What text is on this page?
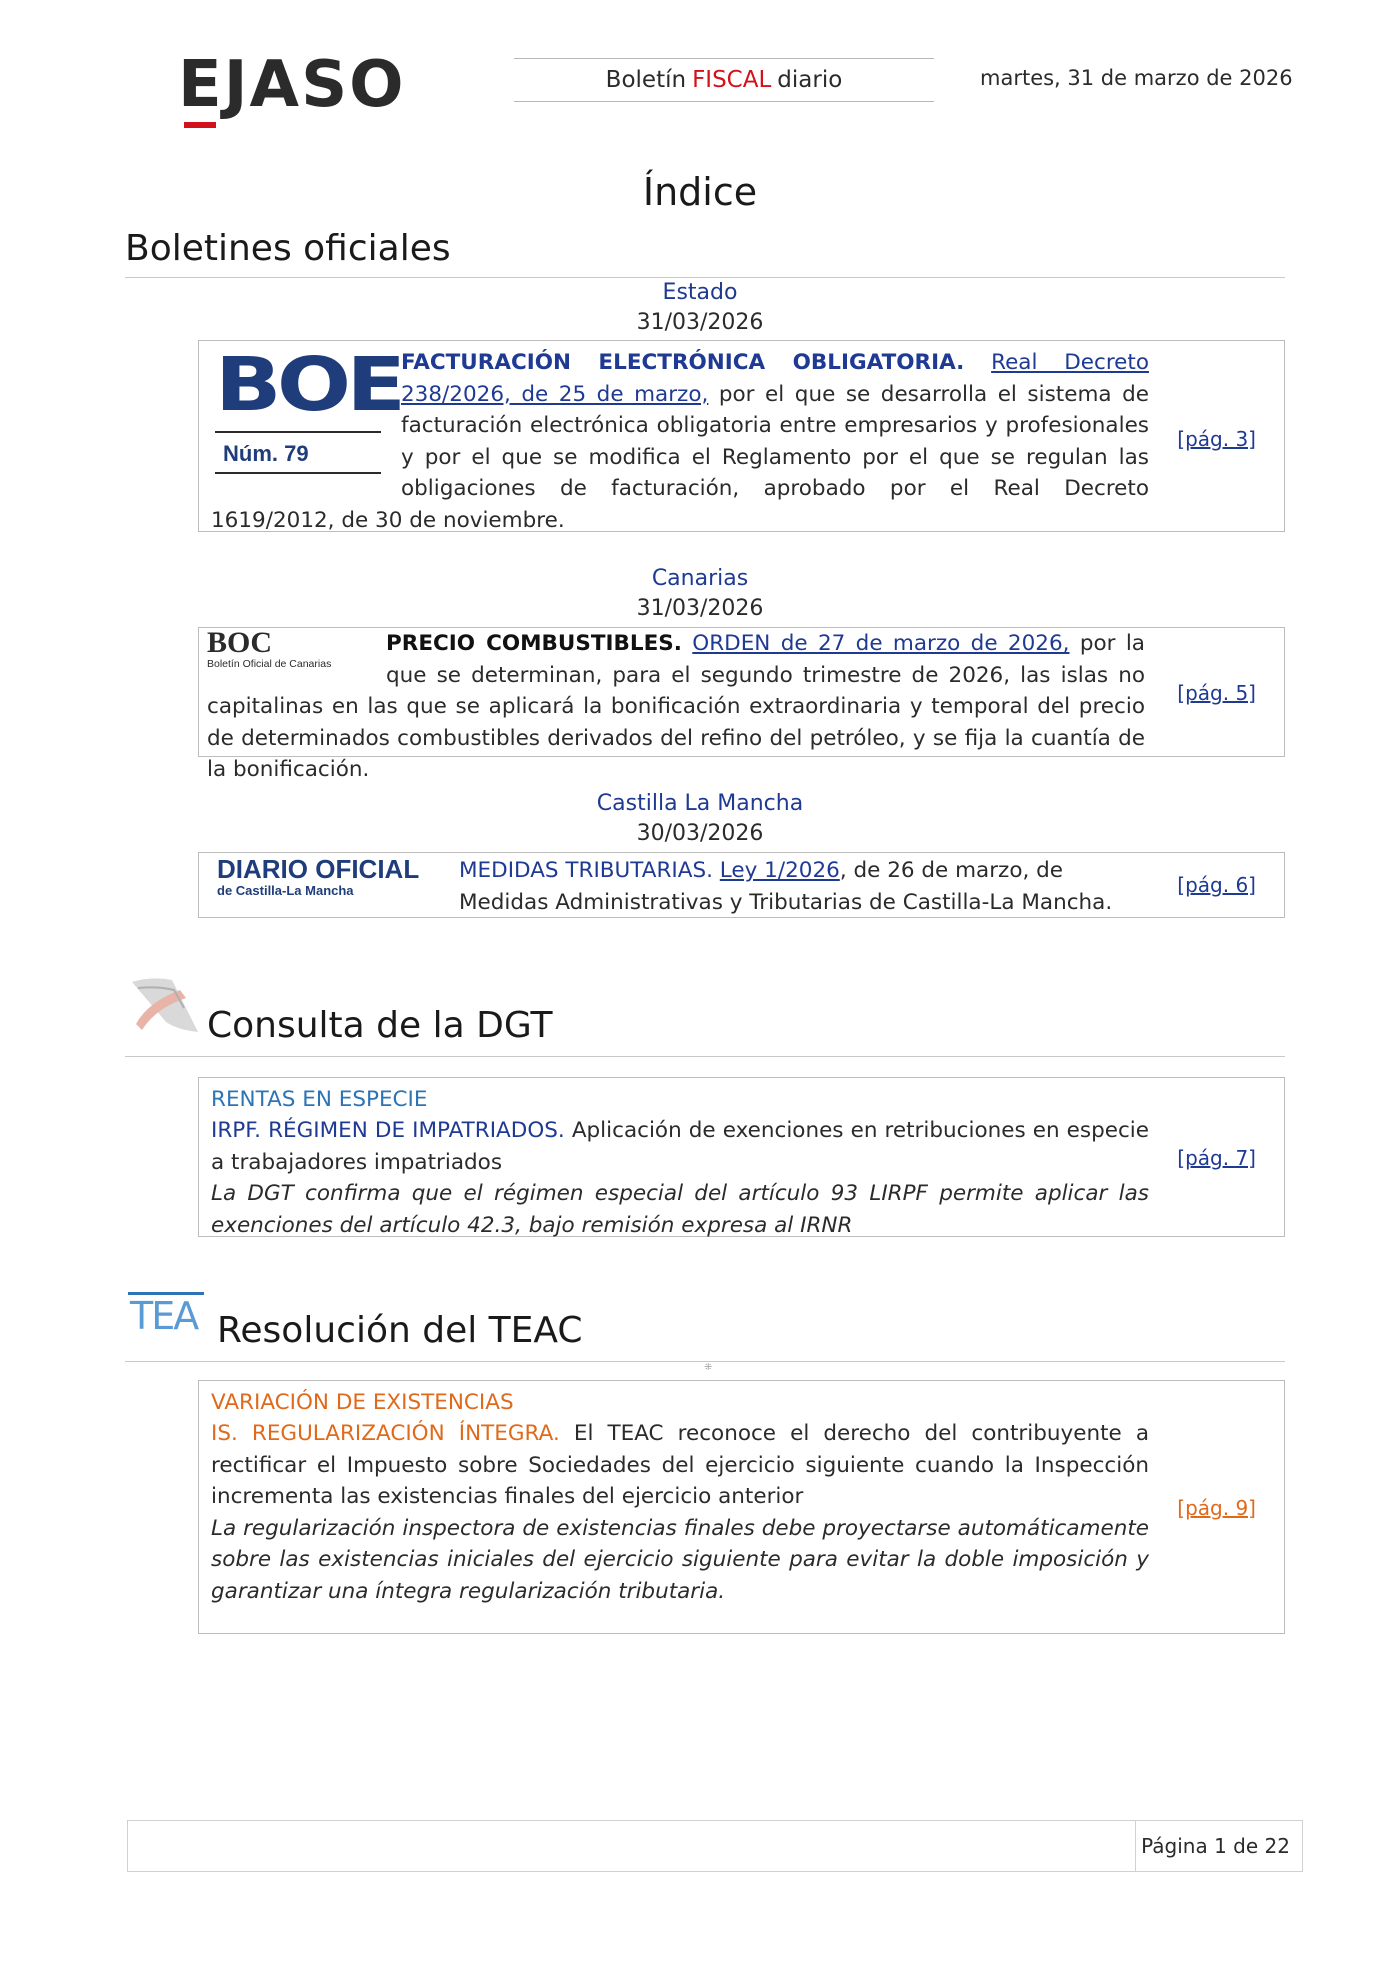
EJASO	Boletín FISCAL diario	martes, 31 de marzo de 2026
Índice
Boletines oficiales
Estado
31/03/2026
BOE
Núm. 79

FACTURACIÓN ELECTRÓNICA OBLIGATORIA. Real Decreto 238/2026, de 25 de marzo, por el que se desarrolla el sistema de facturación electrónica obligatoria entre empresarios y profesionales y por el que se modifica el Reglamento por el que se regulan las obligaciones de facturación, aprobado por el Real Decreto 1619/2012, de 30 de noviembre.

[pág. 3]
Canarias
31/03/2026
BOC
Boletín Oficial de Canarias

PRECIO COMBUSTIBLES. ORDEN de 27 de marzo de 2026, por la que se determinan, para el segundo trimestre de 2026, las islas no capitalinas en las que se aplicará la bonificación extraordinaria y temporal del precio de determinados combustibles derivados del refino del petróleo, y se fija la cuantía de la bonificación.

[pág. 5]
Castilla La Mancha
30/03/2026
DIARIO OFICIAL
de Castilla-La Mancha

MEDIDAS TRIBUTARIAS. Ley 1/2026, de 26 de marzo, de Medidas Administrativas y Tributarias de Castilla-La Mancha.

[pág. 6]
Consulta de la DGT
RENTAS EN ESPECIE

IRPF. RÉGIMEN DE IMPATRIADOS. Aplicación de exenciones en retribuciones en especie a trabajadores impatriados

La DGT confirma que el régimen especial del artículo 93 LIRPF permite aplicar las exenciones del artículo 42.3, bajo remisión expresa al IRNR

[pág. 7]
TEA Resolución del TEAC
⁜
VARIACIÓN DE EXISTENCIAS

IS. REGULARIZACIÓN ÍNTEGRA. El TEAC reconoce el derecho del contribuyente a rectificar el Impuesto sobre Sociedades del ejercicio siguiente cuando la Inspección incrementa las existencias finales del ejercicio anterior

La regularización inspectora de existencias finales debe proyectarse automáticamente sobre las existencias iniciales del ejercicio siguiente para evitar la doble imposición y garantizar una íntegra regularización tributaria.

[pág. 9]
Página 1 de 22
